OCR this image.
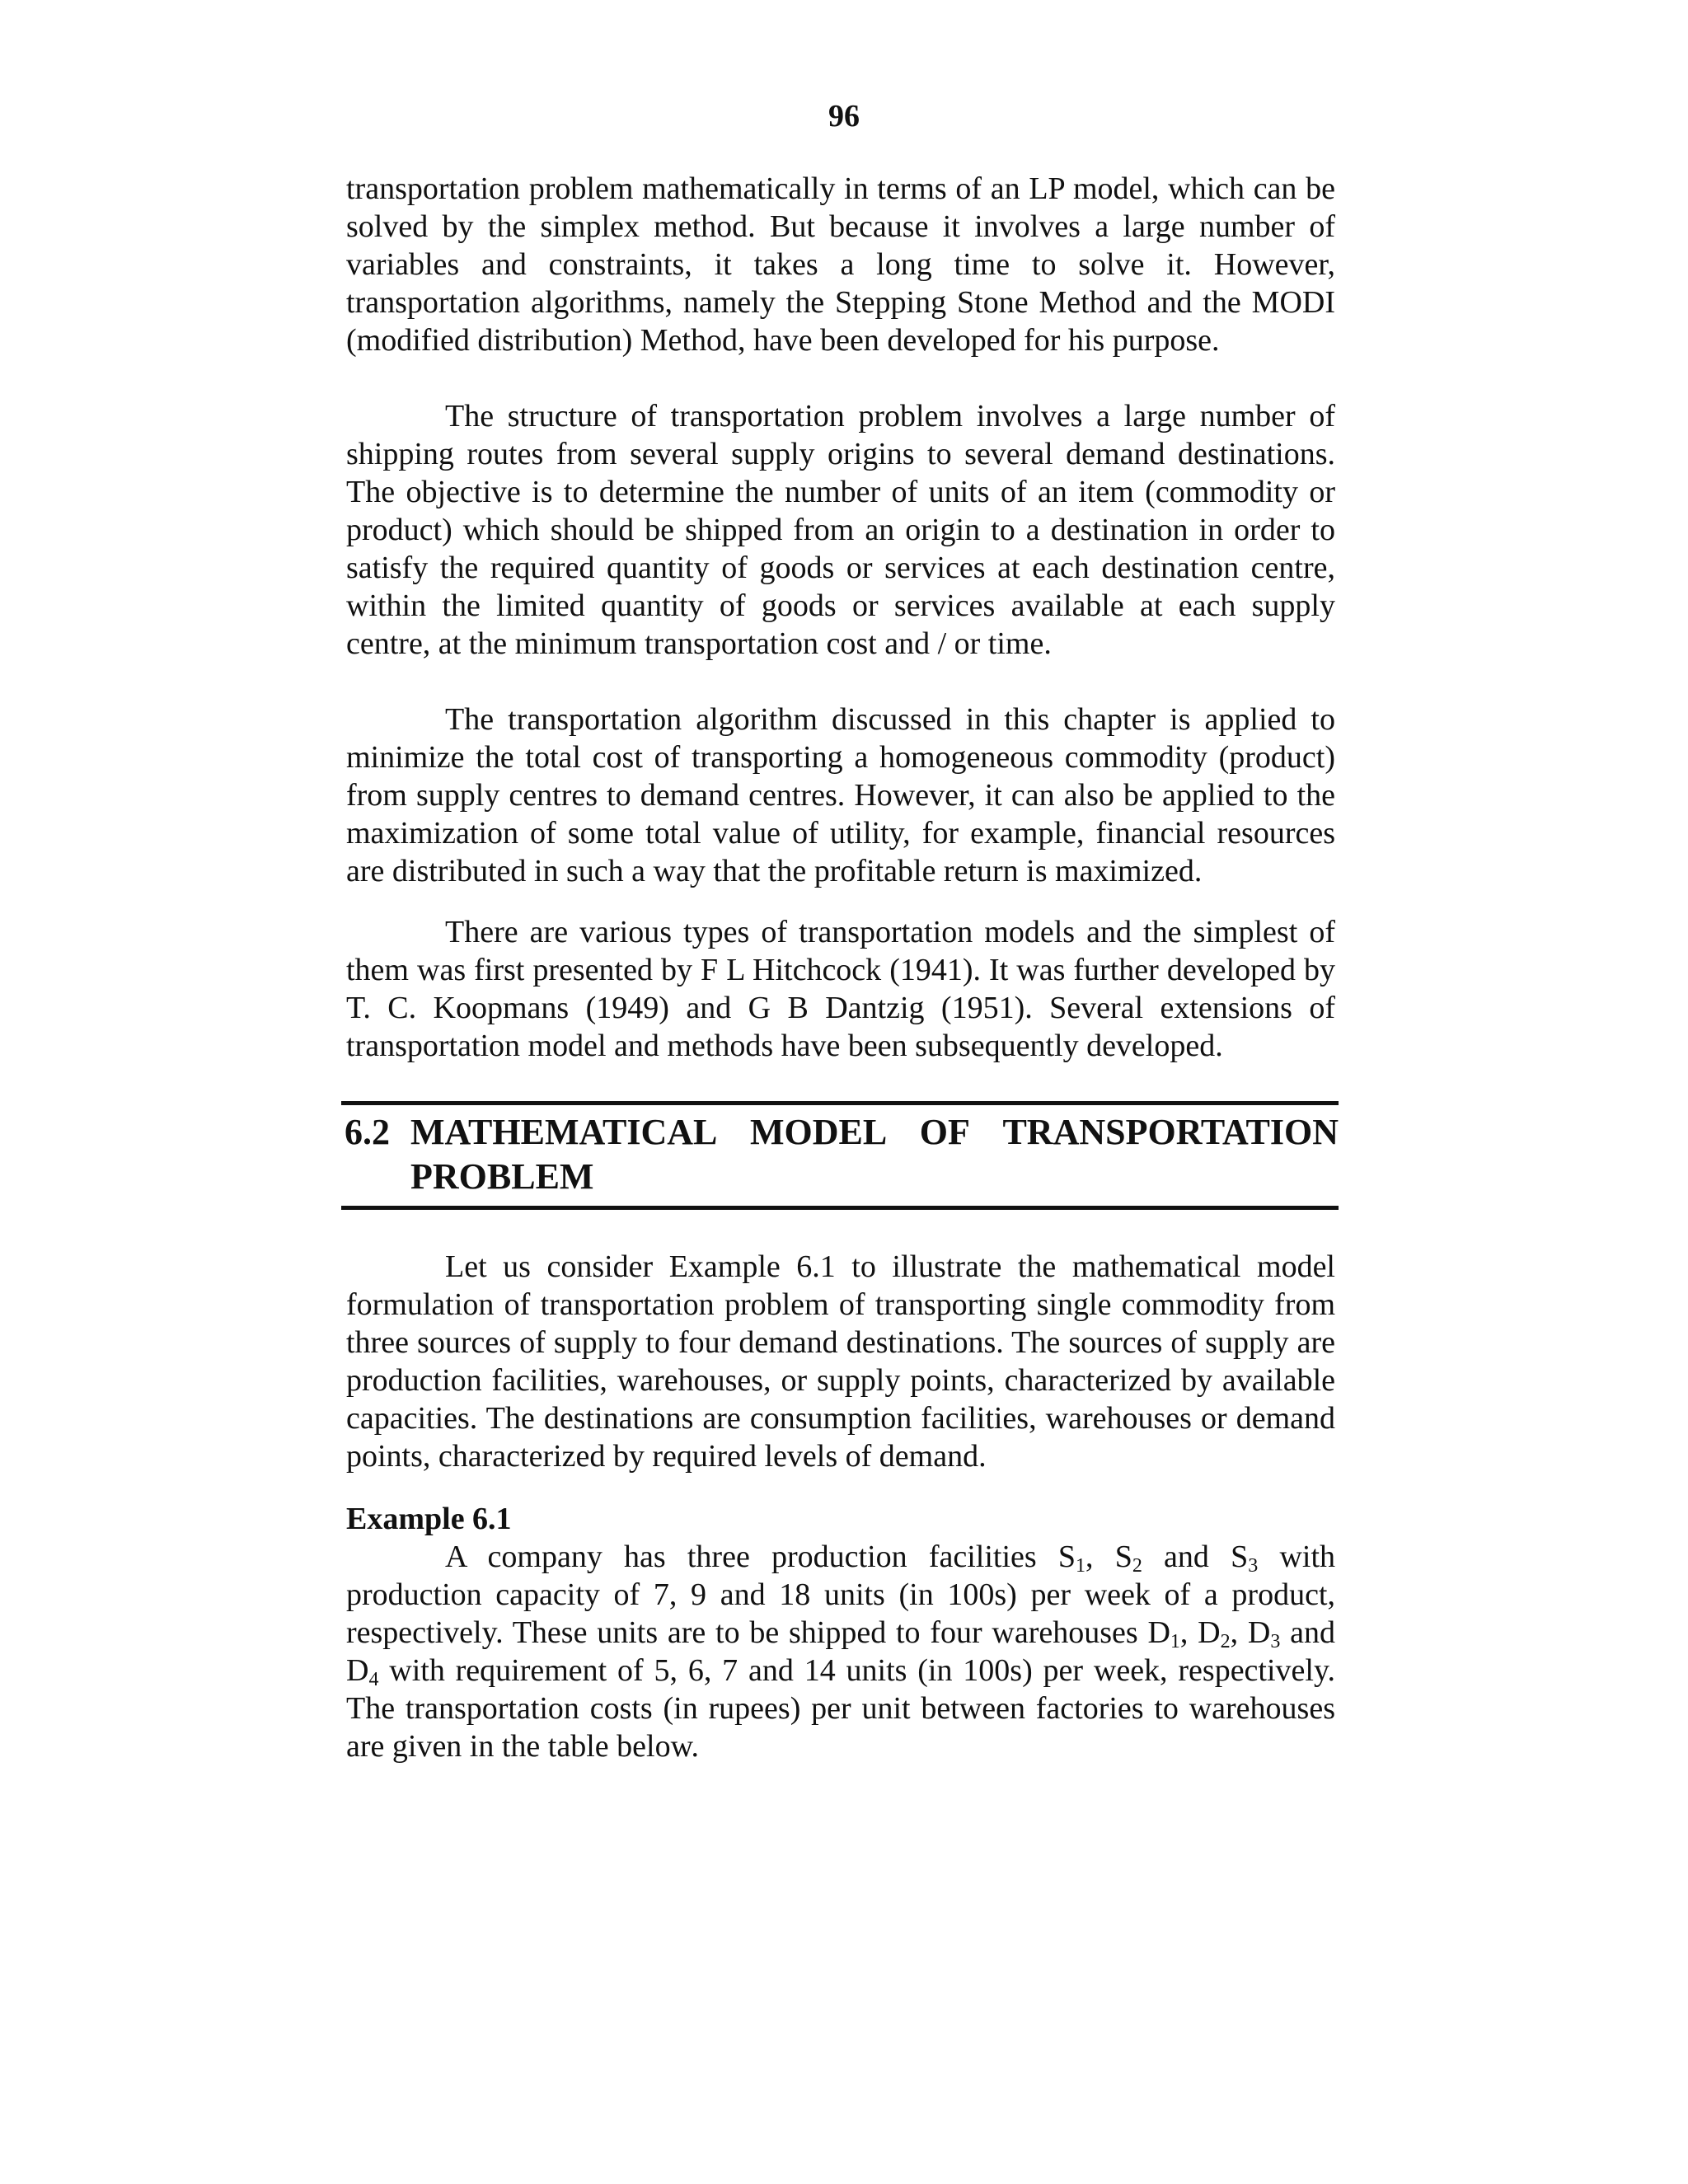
96

transportation problem mathematically in terms of an LP model, which can be solved by the simplex method. But because it involves a large number of variables and constraints, it takes a long time to solve it. However, transportation algorithms, namely the Stepping Stone Method and the MODI (modified distribution) Method, have been developed for his purpose.

The structure of transportation problem involves a large number of shipping routes from several supply origins to several demand destinations. The objective is to determine the number of units of an item (commodity or product) which should be shipped from an origin to a destination in order to satisfy the required quantity of goods or services at each destination centre, within the limited quantity of goods or services available at each supply centre, at the minimum transportation cost and / or time.

The transportation algorithm discussed in this chapter is applied to minimize the total cost of transporting a homogeneous commodity (product) from supply centres to demand centres. However, it can also be applied to the maximization of some total value of utility, for example, financial resources are distributed in such a way that the profitable return is maximized.

There are various types of transportation models and the simplest of them was first presented by F L Hitchcock (1941). It was further developed by T. C. Koopmans (1949) and G B Dantzig (1951). Several extensions of transportation model and methods have been subsequently developed.

6.2 MATHEMATICAL MODEL OF TRANSPORTATION
PROBLEM

Let us consider Example 6.1 to illustrate the mathematical model formulation of transportation problem of transporting single commodity from three sources of supply to four demand destinations. The sources of supply are production facilities, warehouses, or supply points, characterized by available capacities. The destinations are consumption facilities, warehouses or demand points, characterized by required levels of demand.

Example 6.1

A company has three production facilities $S_1$, $S_2$ and $S_3$ with production capacity of 7, 9 and 18 units (in 100s) per week of a product, respectively. These units are to be shipped to four warehouses $D_1$, $D_2$, $D_3$ and $D_4$ with requirement of 5, 6, 7 and 14 units (in 100s) per week, respectively. The transportation costs (in rupees) per unit between factories to warehouses are given in the table below.
